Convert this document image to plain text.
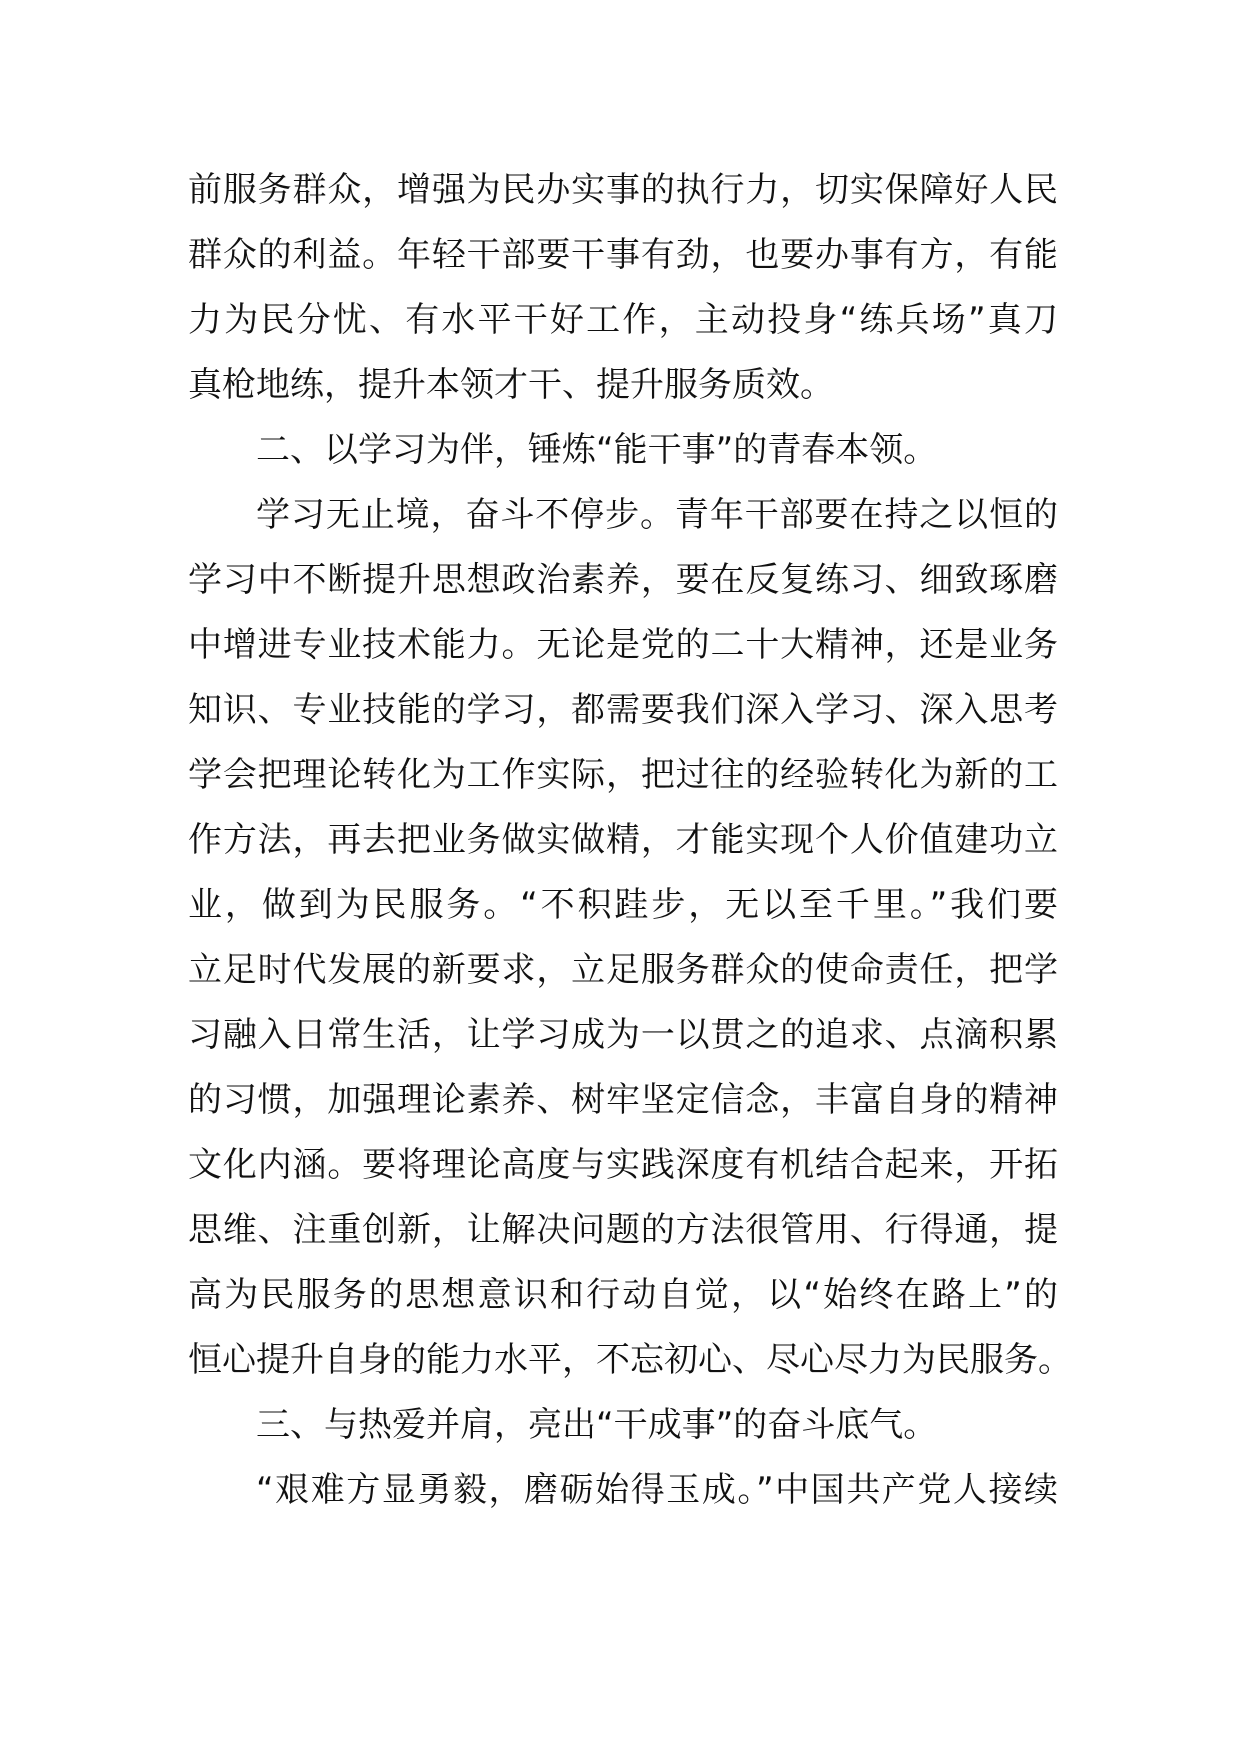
前服务群众，增强为民办实事的执行力，切实保障好人民
群众的利益。年轻干部要干事有劲，也要办事有方，有能
力为民分忧、有水平干好工作，主动投身“练兵场”真刀
真枪地练，提升本领才干、提升服务质效。
二、以学习为伴，锤炼“能干事”的青春本领。
学习无止境，奋斗不停步。青年干部要在持之以恒的
学习中不断提升思想政治素养，要在反复练习、细致琢磨
中增进专业技术能力。无论是党的二十大精神，还是业务
知识、专业技能的学习，都需要我们深入学习、深入思考
学会把理论转化为工作实际，把过往的经验转化为新的工
作方法，再去把业务做实做精，才能实现个人价值建功立
业，做到为民服务。“不积跬步，无以至千里。”我们要
立足时代发展的新要求，立足服务群众的使命责任，把学
习融入日常生活，让学习成为一以贯之的追求、点滴积累
的习惯，加强理论素养、树牢坚定信念，丰富自身的精神
文化内涵。要将理论高度与实践深度有机结合起来，开拓
思维、注重创新，让解决问题的方法很管用、行得通，提
高为民服务的思想意识和行动自觉，以“始终在路上”的
恒心提升自身的能力水平，不忘初心、尽心尽力为民服务。
三、与热爱并肩，亮出“干成事”的奋斗底气。
“艰难方显勇毅，磨砺始得玉成。”中国共产党人接续
